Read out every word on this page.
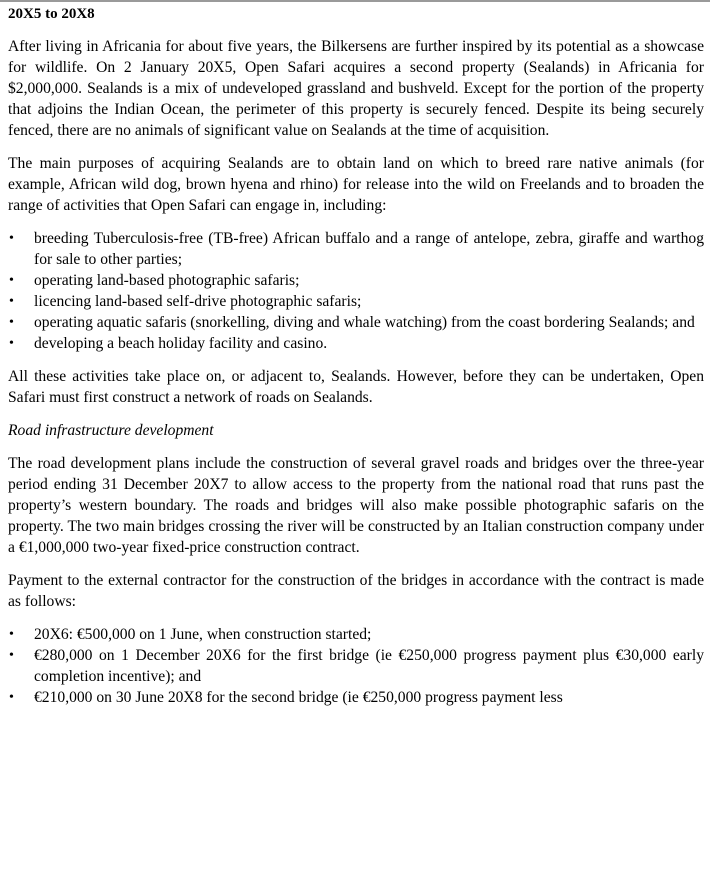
20X5 to 20X8

After living in Africania for about five years, the Bilkersens are further inspired by its potential as a showcase for wildlife. On 2 January 20X5, Open Safari acquires a second property (Sealands) in Africania for $2,000,000. Sealands is a mix of undeveloped grassland and bushveld. Except for the portion of the property that adjoins the Indian Ocean, the perimeter of this property is securely fenced. Despite its being securely fenced, there are no animals of significant value on Sealands at the time of acquisition.

The main purposes of acquiring Sealands are to obtain land on which to breed rare native animals (for example, African wild dog, brown hyena and rhino) for release into the wild on Freelands and to broaden the range of activities that Open Safari can engage in, including:

• breeding Tuberculosis-free (TB-free) African buffalo and a range of antelope, zebra, giraffe and warthog for sale to other parties;
• operating land-based photographic safaris;
• licencing land-based self-drive photographic safaris;
• operating aquatic safaris (snorkelling, diving and whale watching) from the coast bordering Sealands; and
• developing a beach holiday facility and casino.

All these activities take place on, or adjacent to, Sealands. However, before they can be undertaken, Open Safari must first construct a network of roads on Sealands.

Road infrastructure development

The road development plans include the construction of several gravel roads and bridges over the three-year period ending 31 December 20X7 to allow access to the property from the national road that runs past the property’s western boundary. The roads and bridges will also make possible photographic safaris on the property. The two main bridges crossing the river will be constructed by an Italian construction company under a €1,000,000 two-year fixed-price construction contract.

Payment to the external contractor for the construction of the bridges in accordance with the contract is made as follows:

• 20X6: €500,000 on 1 June, when construction started;
• €280,000 on 1 December 20X6 for the first bridge (ie €250,000 progress payment plus €30,000 early completion incentive); and
• €210,000 on 30 June 20X8 for the second bridge (ie €250,000 progress payment less
